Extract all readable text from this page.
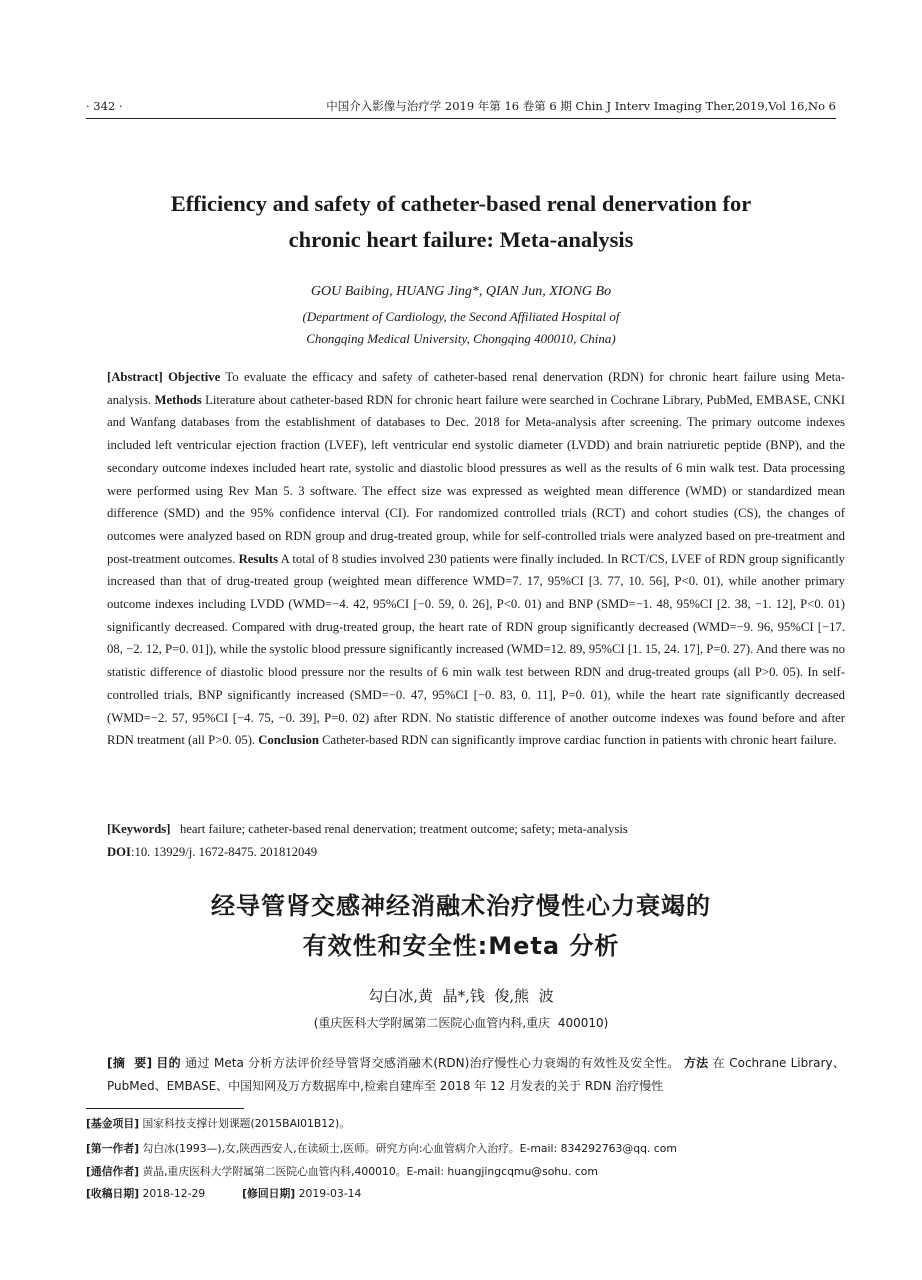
· 342 ·	中国介入影像与治疗学 2019 年第 16 卷第 6 期 Chin J Interv Imaging Ther,2019,Vol 16,No 6
Efficiency and safety of catheter-based renal denervation for
chronic heart failure: Meta-analysis
GOU Baibing, HUANG Jing*, QIAN Jun, XIONG Bo
(Department of Cardiology, the Second Affiliated Hospital of
Chongqing Medical University, Chongqing 400010, China)
[Abstract] Objective To evaluate the efficacy and safety of catheter-based renal denervation (RDN) for chronic heart failure using Meta-analysis. Methods Literature about catheter-based RDN for chronic heart failure were searched in Cochrane Library, PubMed, EMBASE, CNKI and Wanfang databases from the establishment of databases to Dec. 2018 for Meta-analysis after screening. The primary outcome indexes included left ventricular ejection fraction (LVEF), left ventricular end systolic diameter (LVDD) and brain natriuretic peptide (BNP), and the secondary outcome indexes included heart rate, systolic and diastolic blood pressures as well as the results of 6 min walk test. Data processing were performed using Rev Man 5. 3 software. The effect size was expressed as weighted mean difference (WMD) or standardized mean difference (SMD) and the 95% confidence interval (CI). For randomized controlled trials (RCT) and cohort studies (CS), the changes of outcomes were analyzed based on RDN group and drug-treated group, while for self-controlled trials were analyzed based on pre-treatment and post-treatment outcomes. Results A total of 8 studies involved 230 patients were finally included. In RCT/CS, LVEF of RDN group significantly increased than that of drug-treated group (weighted mean difference WMD=7. 17, 95%CI [3. 77, 10. 56], P<0. 01), while another primary outcome indexes including LVDD (WMD=−4. 42, 95%CI [−0. 59, 0. 26], P<0. 01) and BNP (SMD=−1. 48, 95%CI [2. 38, −1. 12], P<0. 01) significantly decreased. Compared with drug-treated group, the heart rate of RDN group significantly decreased (WMD=−9. 96, 95%CI [−17. 08, −2. 12, P=0. 01]), while the systolic blood pressure significantly increased (WMD=12. 89, 95%CI [1. 15, 24. 17], P=0. 27). And there was no statistic difference of diastolic blood pressure nor the results of 6 min walk test between RDN and drug-treated groups (all P>0. 05). In self-controlled trials, BNP significantly increased (SMD=−0. 47, 95%CI [−0. 83, 0. 11], P=0. 01), while the heart rate significantly decreased (WMD=−2. 57, 95%CI [−4. 75, −0. 39], P=0. 02) after RDN. No statistic difference of another outcome indexes was found before and after RDN treatment (all P>0. 05). Conclusion Catheter-based RDN can significantly improve cardiac function in patients with chronic heart failure.
[Keywords] heart failure; catheter-based renal denervation; treatment outcome; safety; meta-analysis
DOI:10. 13929/j. 1672-8475. 201812049
经导管肾交感神经消融术治疗慢性心力衰竭的
有效性和安全性:Meta 分析
勾白冰,黄  晶*,钱  俊,熊  波
(重庆医科大学附属第二医院心血管内科,重庆  400010)
[摘  要] 目的 通过 Meta 分析方法评价经导管肾交感消融术(RDN)治疗慢性心力衰竭的有效性及安全性。 方法 在 Cochrane Library、PubMed、EMBASE、中国知网及万方数据库中,检索自建库至 2018 年 12 月发表的关于 RDN 治疗慢性
[基金项目] 国家科技支撑计划课题(2015BAI01B12)。
[第一作者] 勾白冰(1993—),女,陕西西安人,在读硕士,医师。研究方向:心血管病介入治疗。E-mail: 834292763@qq. com
[通信作者] 黄晶,重庆医科大学附属第二医院心血管内科,400010。E-mail: huangjingcqmu@sohu. com
[收稿日期] 2018-12-29	[修回日期] 2019-03-14
